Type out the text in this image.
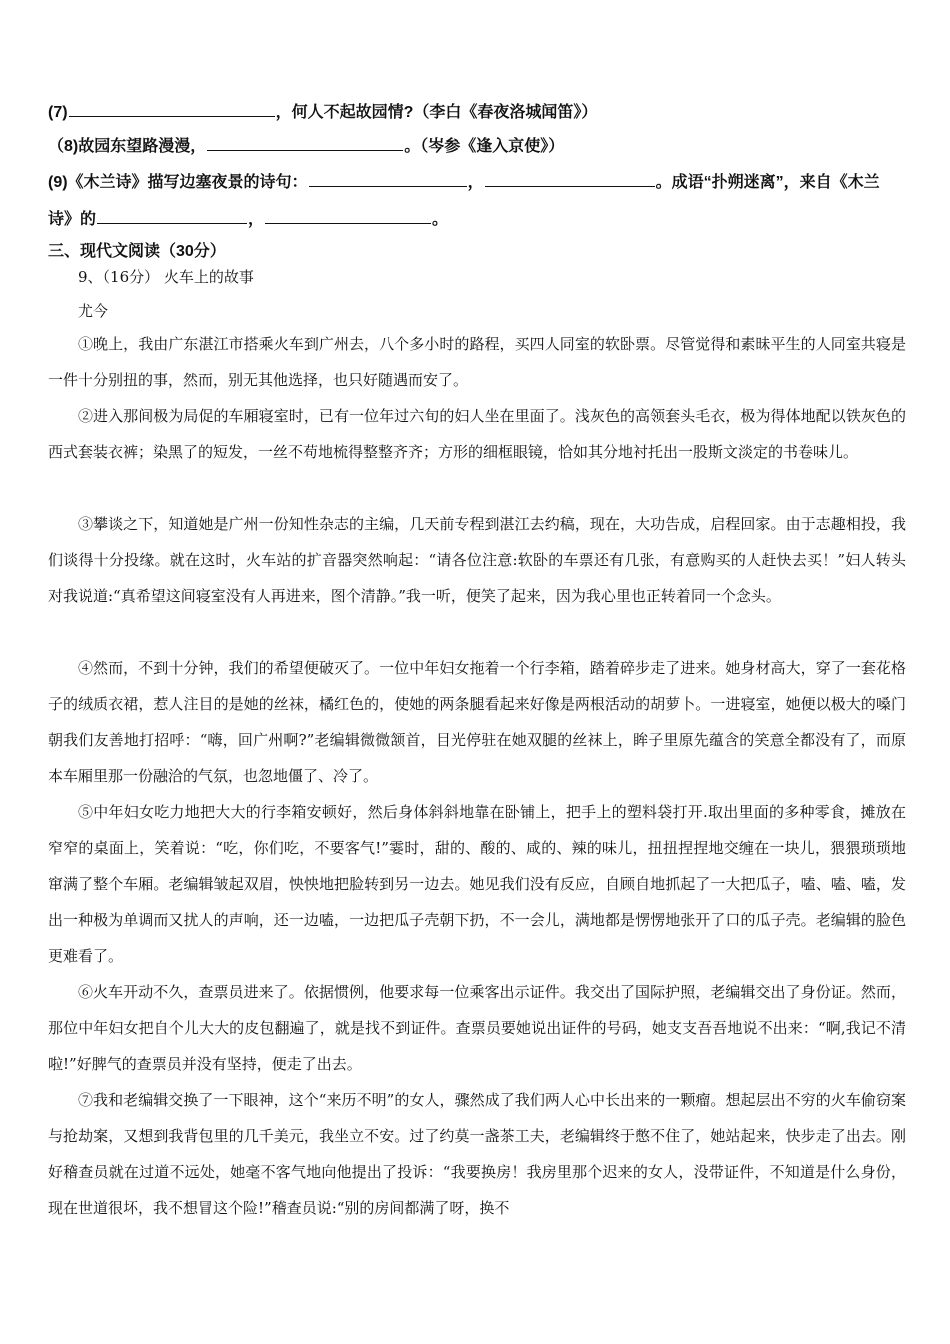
(7)	，何人不起故园情?（李白《春夜洛城闻笛》）
（8)故园东望路漫漫，	。（岑参《逢入京使》）
(9)《木兰诗》描写边塞夜景的诗句：	，	。成语“扑朔迷离”，来自《木兰
诗》的	，	。
三、现代文阅读（30分）
9、（16分） 火车上的故事
尤今

①晚上，我由广东湛江市搭乘火车到广州去，八个多小时的路程，买四人同室的软卧票。尽管觉得和素昧平生的人同室共寝是一件十分别扭的事，然而，别无其他选择，也只好随遇而安了。

②进入那间极为局促的车厢寝室时，已有一位年过六旬的妇人坐在里面了。浅灰色的高领套头毛衣，极为得体地配以铁灰色的西式套装衣裤；染黑了的短发，一丝不苟地梳得整整齐齐；方形的细框眼镜，恰如其分地衬托出一股斯文淡定的书卷味儿。

③攀谈之下，知道她是广州一份知性杂志的主编，几天前专程到湛江去约稿，现在，大功告成，启程回家。由于志趣相投，我们谈得十分投缘。就在这时，火车站的扩音器突然响起：“请各位注意:软卧的车票还有几张，有意购买的人赶快去买！”妇人转头对我说道:“真希望这间寝室没有人再进来，图个清静。”我一听，便笑了起来，因为我心里也正转着同一个念头。

④然而，不到十分钟，我们的希望便破灭了。一位中年妇女拖着一个行李箱，踏着碎步走了进来。她身材高大，穿了一套花格子的绒质衣裙，惹人注目的是她的丝袜，橘红色的，使她的两条腿看起来好像是两根活动的胡萝卜。一进寝室，她便以极大的嗓门朝我们友善地打招呼：“嗨，回广州啊?”老编辑微微颔首，目光停驻在她双腿的丝袜上，眸子里原先蕴含的笑意全都没有了，而原本车厢里那一份融洽的气氛，也忽地僵了、冷了。

⑤中年妇女吃力地把大大的行李箱安顿好，然后身体斜斜地靠在卧铺上，把手上的塑料袋打开.取出里面的多种零食，摊放在窄窄的桌面上，笑着说：“吃，你们吃，不要客气!”霎时，甜的、酸的、咸的、辣的味儿，扭扭捏捏地交缠在一块儿，猥猥琐琐地窜满了整个车厢。老编辑皱起双眉，怏怏地把脸转到另一边去。她见我们没有反应，自顾自地抓起了一大把瓜子，嗑、嗑、嗑，发出一种极为单调而又扰人的声响，还一边嗑，一边把瓜子壳朝下扔，不一会儿，满地都是愣愣地张开了口的瓜子壳。老编辑的脸色更难看了。

⑥火车开动不久，查票员进来了。依据惯例，他要求每一位乘客出示证件。我交出了国际护照，老编辑交出了身份证。然而，那位中年妇女把自个儿大大的皮包翻遍了，就是找不到证件。查票员要她说出证件的号码，她支支吾吾地说不出来：“啊,我记不清啦!”好脾气的查票员并没有坚持，便走了出去。

⑦我和老编辑交换了一下眼神，这个“来历不明”的女人，骤然成了我们两人心中长出来的一颗瘤。想起层出不穷的火车偷窃案与抢劫案，又想到我背包里的几千美元，我坐立不安。过了约莫一盏茶工夫，老编辑终于憋不住了，她站起来，快步走了出去。刚好稽查员就在过道不远处，她毫不客气地向他提出了投诉：“我要换房！我房里那个迟来的女人，没带证件，不知道是什么身份，现在世道很坏，我不想冒这个险!”稽查员说:“别的房间都满了呀，换不
